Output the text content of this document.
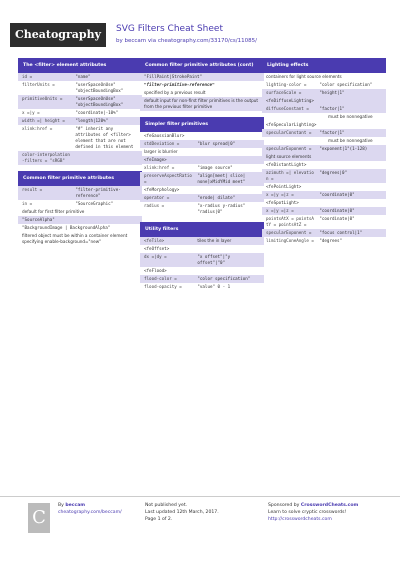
Cheatography	SVG Filters Cheat Sheet
by beccam via cheatography.com/33170/cs/11085/
The <filter> element attributes
id =	"name"
filterUnits =	"userSpaceOnUse" "objectBoundingBox"
primitiveUnits =	"userSpaceOnUse" "objectBoundingBox"
x =|y =	"coordinate|-10%"
width =| height =	"length|120%"
xlink:href =	"#" inherit any attributes of <filter> element that are not defined in this element
color-interpolation-filters = "sRGB"
Common filter primitive attributes
result =	"filter-primitive-reference"
in =	"SourceGraphic"
default for first filter primitive
"SourceAlpha"
"BackgroundImage | BackgroundAlpha"
filtered object must be within a container element specifying enable-background="new"
Common filter primitive attributes (cont)
"FillPaint|StrokePaint"
"filter-primitive-reference"
specified by a previous result
default input for non-first filter primitives is the output from the previous filter primitive
Simpler filter primitives
<feGaussianBlur>
stdDeviation =	"blur spread|0"
larger is blurrier
<feImage>
xlink:href =	"image source"
preserveAspectRatio =
"align[meet| slice| none]xMidYMid meet"
<feMorphology>
operator =	"erode| dilate"
radius =	"x-radius y-radius" "radius|0"
Utility filters
<feTile>	tiles the in layer
<feOffset>
dx =|dy =	"x offset"|"y offset"|"0"
<feFlood>
flood-color =	"color specification"
flood-opacity =	"value" 0 - 1
Lighting effects
containers for light source elements
lighting-color =	"color specification"
surfaceScale =	"height|1"
<feDiffuseLighting>
diffuseConstant =	"factor|1"
must be nonnegative
<feSpecularLighting>
specularConstant =	"factor|1"
must be nonnegative
specularExponent =	"exponent|1"(1-128)
light source elements
<feDistantLight>
azimuth =| elevation =
"degrees|0"
<fePointLight>
x =|y =|z =	"coordinate|0"
<feSpotLight>
x =|y =|z =	"coordinate|0"
pointsAtX = pointsAtY = pointsAtZ =
"coordinate|0"
specularExponent =	"focus control|1"
limitingConeAngle =	"degrees"
C
By beccam
cheatography.com/beccam/
Not published yet.
Last updated 12th March, 2017.
Page 1 of 2.
Sponsored by CrosswordCheats.com
Learn to solve cryptic crosswords!
http://crosswordcheats.com
